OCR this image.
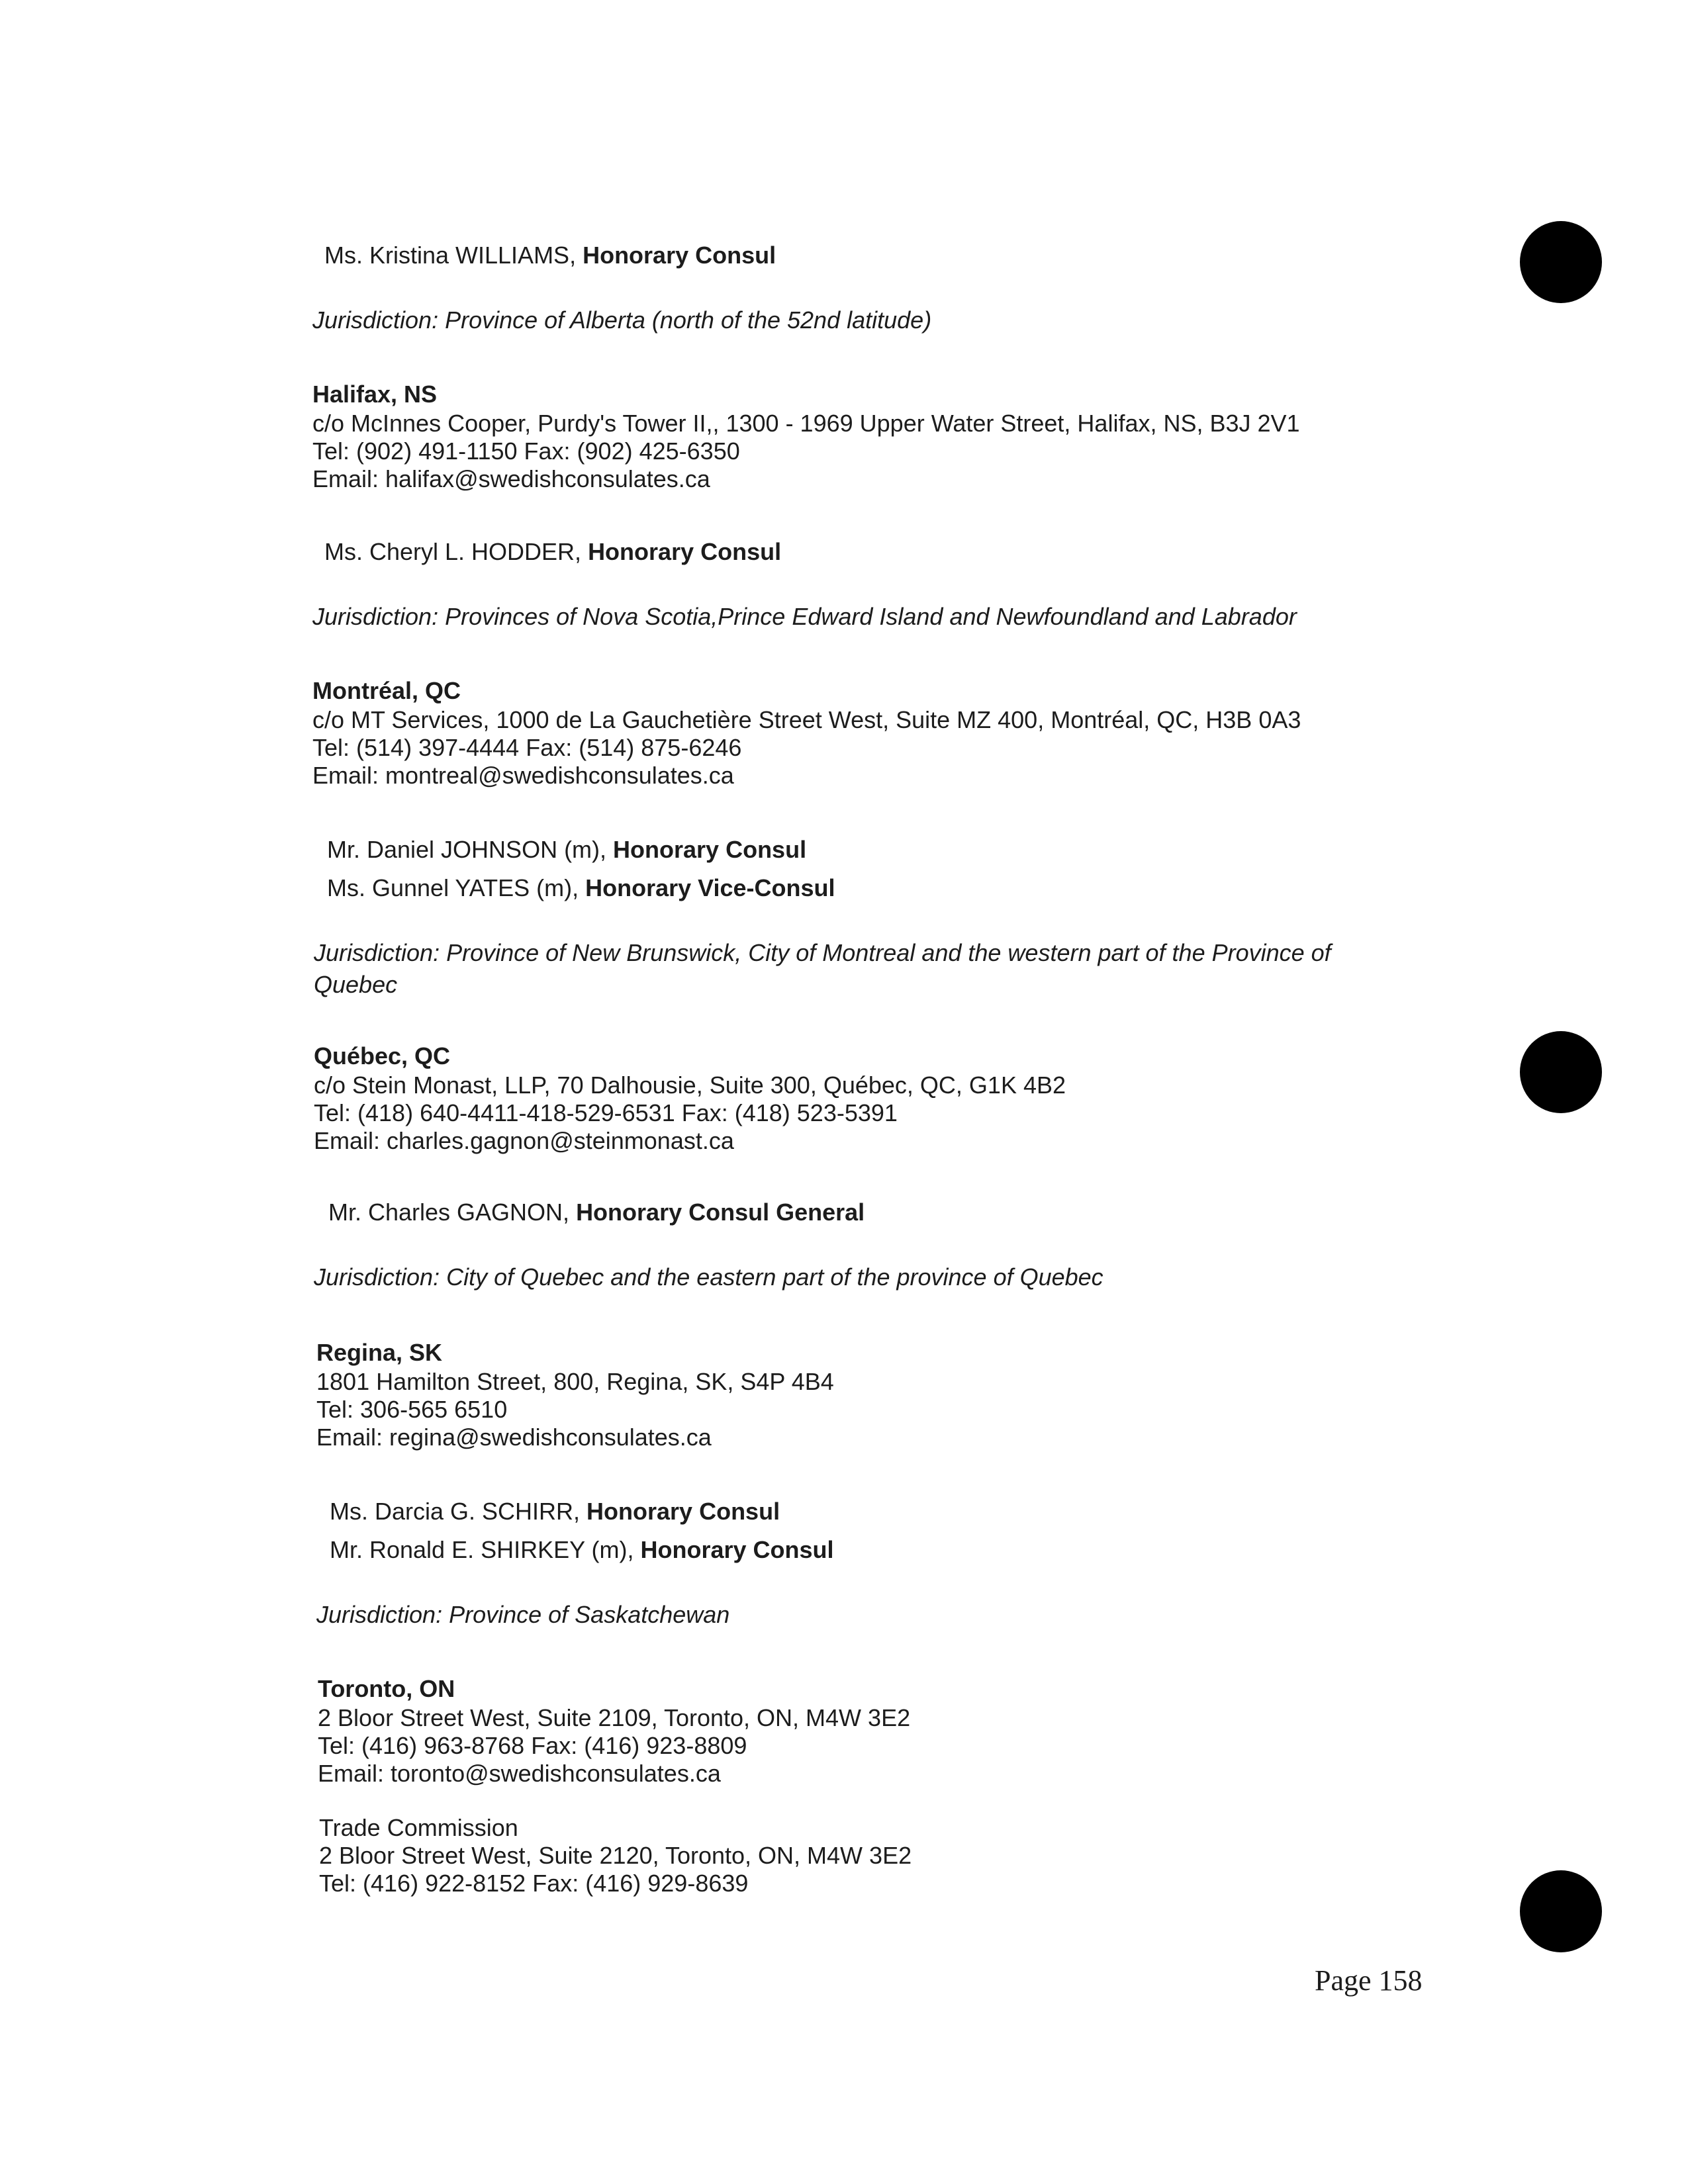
Ms. Kristina WILLIAMS, Honorary Consul
Jurisdiction: Province of Alberta (north of the 52nd latitude)
Halifax, NS
c/o McInnes Cooper, Purdy's Tower II,, 1300 - 1969 Upper Water Street, Halifax, NS, B3J 2V1
Tel: (902) 491-1150 Fax: (902) 425-6350
Email: halifax@swedishconsulates.ca
Ms. Cheryl L. HODDER, Honorary Consul
Jurisdiction: Provinces of Nova Scotia,Prince Edward Island and Newfoundland and Labrador
Montréal, QC
c/o MT Services, 1000 de La Gauchetière Street West, Suite MZ 400, Montréal, QC, H3B 0A3
Tel: (514) 397-4444 Fax: (514) 875-6246
Email: montreal@swedishconsulates.ca
Mr. Daniel JOHNSON (m), Honorary Consul
Ms. Gunnel YATES (m), Honorary Vice-Consul
Jurisdiction: Province of New Brunswick, City of Montreal and the western part of the Province of
Quebec
Québec, QC
c/o Stein Monast, LLP, 70 Dalhousie, Suite 300, Québec, QC, G1K 4B2
Tel: (418) 640-4411-418-529-6531 Fax: (418) 523-5391
Email: charles.gagnon@steinmonast.ca
Mr. Charles GAGNON, Honorary Consul General
Jurisdiction: City of Quebec and the eastern part of the province of Quebec
Regina, SK
1801 Hamilton Street, 800, Regina, SK, S4P 4B4
Tel: 306-565 6510
Email: regina@swedishconsulates.ca
Ms. Darcia G. SCHIRR, Honorary Consul
Mr. Ronald E. SHIRKEY (m), Honorary Consul
Jurisdiction: Province of Saskatchewan
Toronto, ON
2 Bloor Street West, Suite 2109, Toronto, ON, M4W 3E2
Tel: (416) 963-8768 Fax: (416) 923-8809
Email: toronto@swedishconsulates.ca
Trade Commission
2 Bloor Street West, Suite 2120, Toronto, ON, M4W 3E2
Tel: (416) 922-8152 Fax: (416) 929-8639
Page 158
